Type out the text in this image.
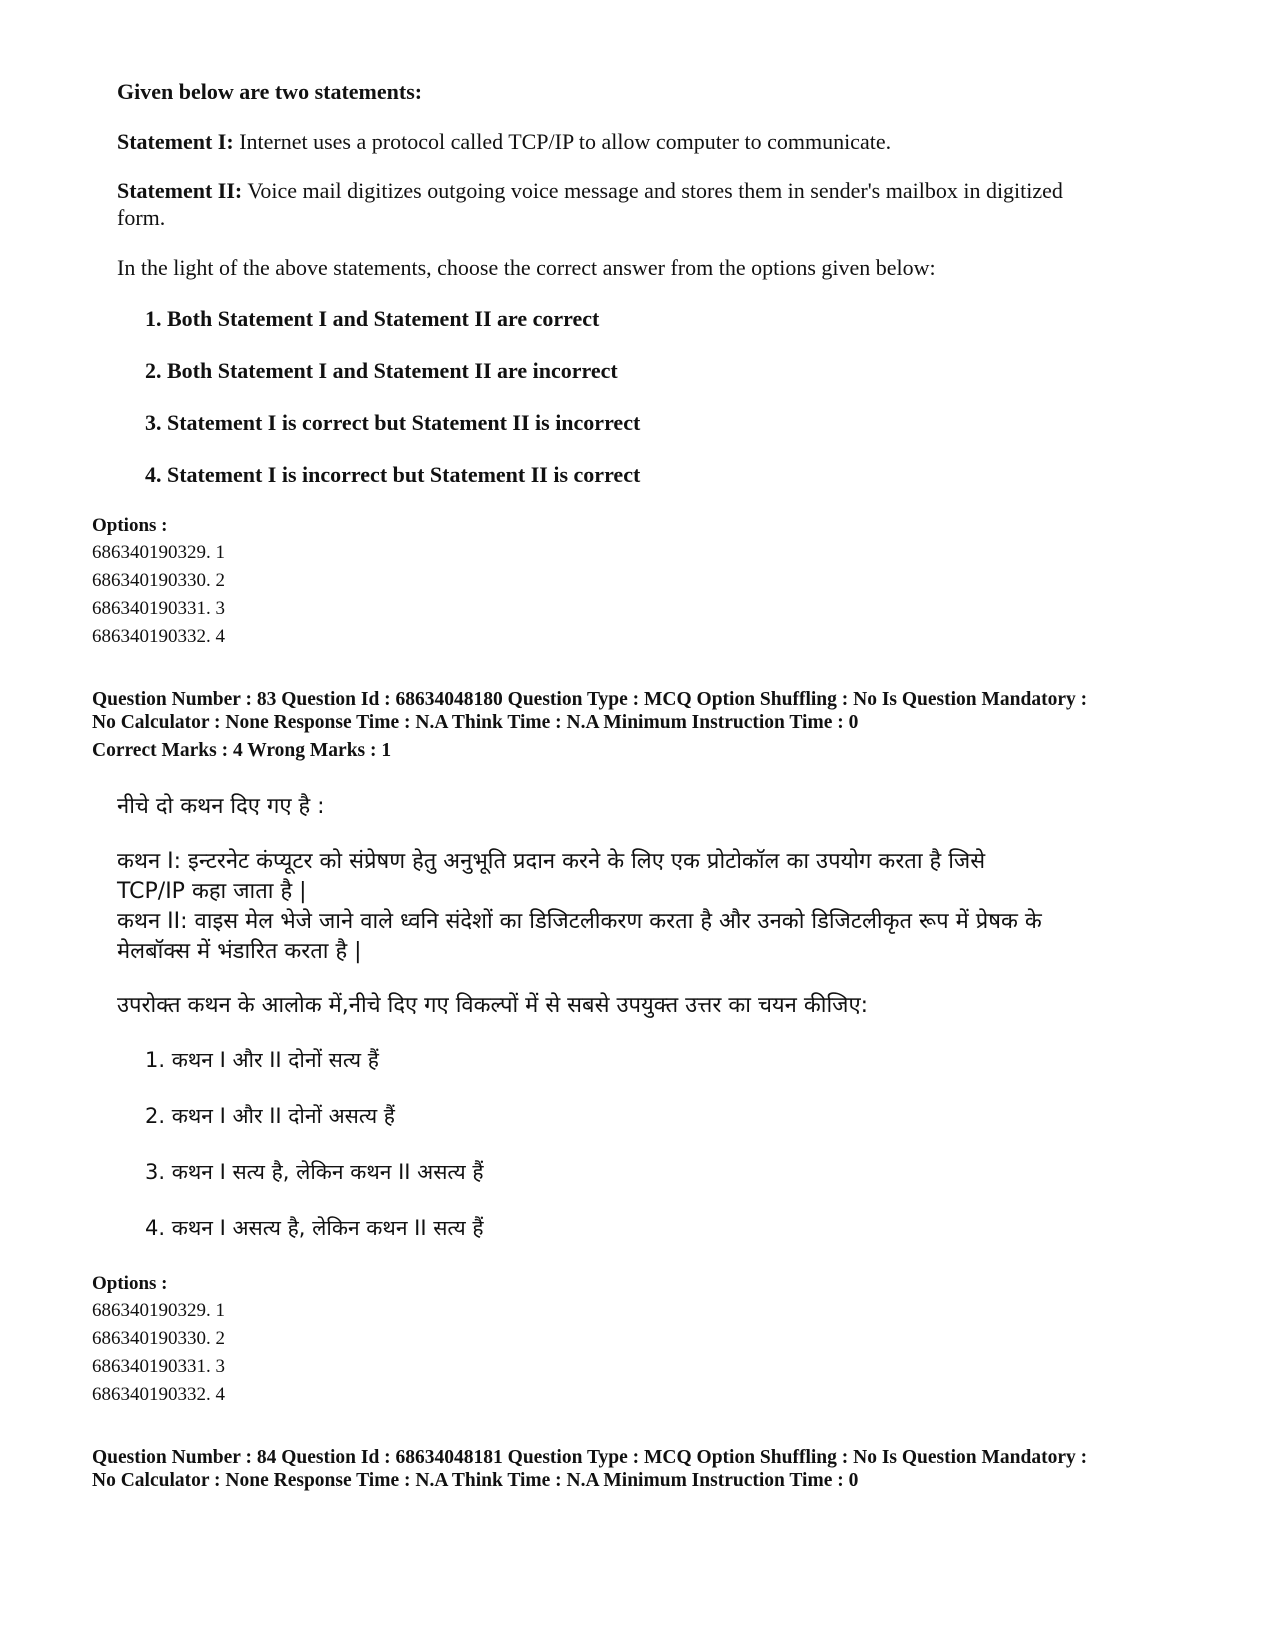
Given below are two statements:
Statement I: Internet uses a protocol called TCP/IP to allow computer to communicate.
Statement II: Voice mail digitizes outgoing voice message and stores them in sender's mailbox in digitized
form.
In the light of the above statements, choose the correct answer from the options given below:
1. Both Statement I and Statement II are correct
2. Both Statement I and Statement II are incorrect
3. Statement I is correct but Statement II is incorrect
4. Statement I is incorrect but Statement II is correct
Options :
686340190329. 1
686340190330. 2
686340190331. 3
686340190332. 4
Question Number : 83 Question Id : 68634048180 Question Type : MCQ Option Shuffling : No Is Question Mandatory :
No Calculator : None Response Time : N.A Think Time : N.A Minimum Instruction Time : 0
Correct Marks : 4 Wrong Marks : 1
नीचे दो कथन दिए गए है :
कथन I: इन्टरनेट कंप्यूटर को संप्रेषण हेतु अनुभूति प्रदान करने के लिए एक प्रोटोकॉल का उपयोग करता है जिसे
TCP/IP कहा जाता है |
कथन II: वाइस मेल भेजे जाने वाले ध्वनि संदेशों का डिजिटलीकरण करता है और उनको डिजिटलीकृत रूप में प्रेषक के
मेलबॉक्स में भंडारित करता है |
उपरोक्त कथन के आलोक में,नीचे दिए गए विकल्पों में से सबसे उपयुक्त उत्तर का चयन कीजिए:
1. कथन I और II दोनों सत्य हैं
2. कथन I और II दोनों असत्य हैं
3. कथन I सत्य है, लेकिन कथन II असत्य हैं
4. कथन I असत्य है, लेकिन कथन II सत्य हैं
Options :
686340190329. 1
686340190330. 2
686340190331. 3
686340190332. 4
Question Number : 84 Question Id : 68634048181 Question Type : MCQ Option Shuffling : No Is Question Mandatory :
No Calculator : None Response Time : N.A Think Time : N.A Minimum Instruction Time : 0
